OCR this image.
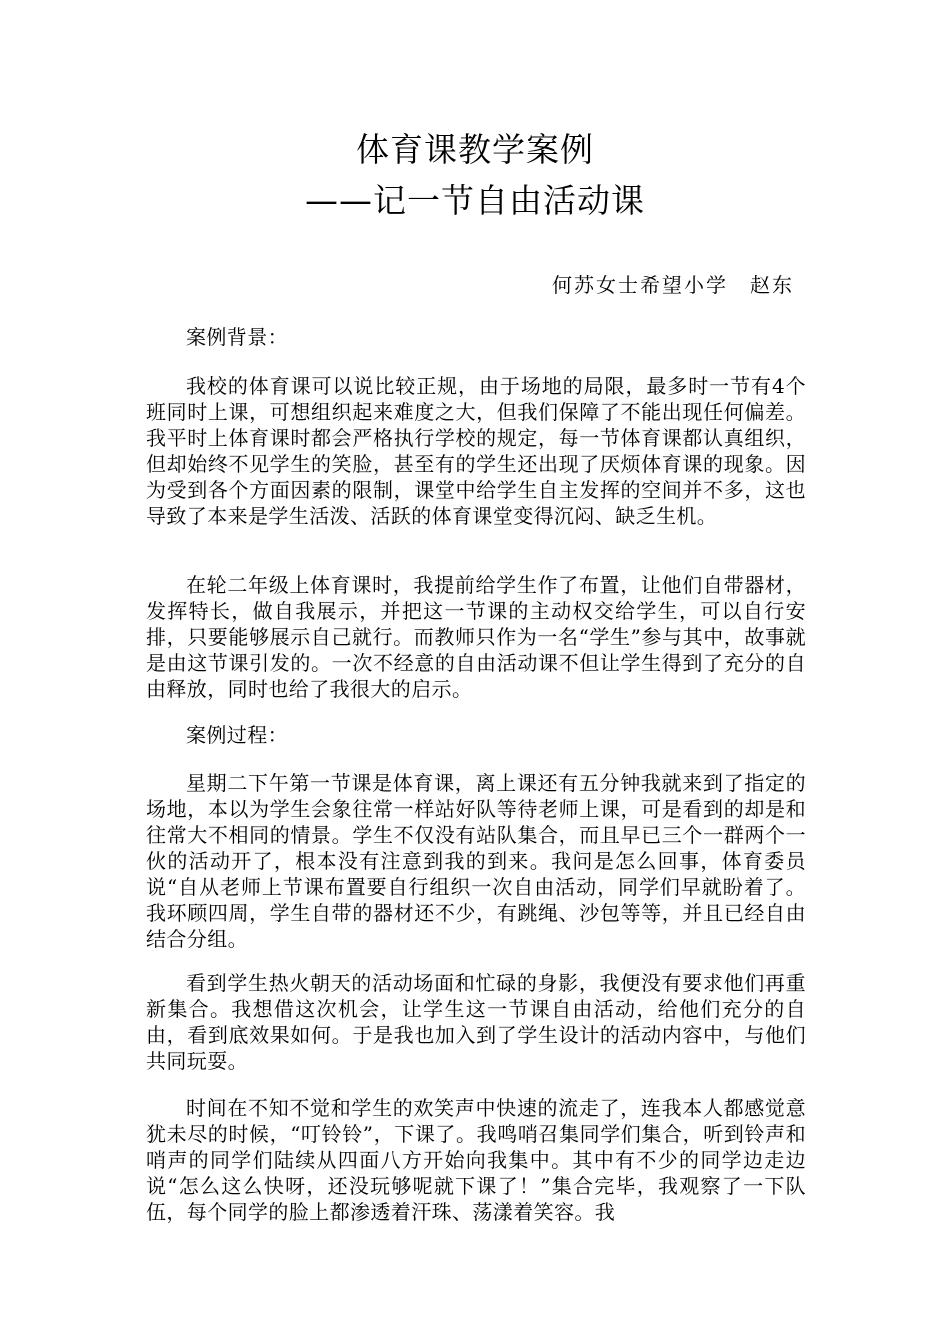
体育课教学案例
——记一节自由活动课
何苏女士希望小学　赵东

案例背景：

我校的体育课可以说比较正规，由于场地的局限，最多时一节有4个班同时上课，可想组织起来难度之大，但我们保障了不能出现任何偏差。我平时上体育课时都会严格执行学校的规定，每一节体育课都认真组织，但却始终不见学生的笑脸，甚至有的学生还出现了厌烦体育课的现象。因为受到各个方面因素的限制，课堂中给学生自主发挥的空间并不多，这也导致了本来是学生活泼、活跃的体育课堂变得沉闷、缺乏生机。

在轮二年级上体育课时，我提前给学生作了布置，让他们自带器材，发挥特长，做自我展示，并把这一节课的主动权交给学生，可以自行安排，只要能够展示自己就行。而教师只作为一名“学生”参与其中，故事就是由这节课引发的。一次不经意的自由活动课不但让学生得到了充分的自由释放，同时也给了我很大的启示。

案例过程：

星期二下午第一节课是体育课，离上课还有五分钟我就来到了指定的场地，本以为学生会象往常一样站好队等待老师上课，可是看到的却是和往常大不相同的情景。学生不仅没有站队集合，而且早已三个一群两个一伙的活动开了，根本没有注意到我的到来。我问是怎么回事，体育委员说“自从老师上节课布置要自行组织一次自由活动，同学们早就盼着了。我环顾四周，学生自带的器材还不少，有跳绳、沙包等等，并且已经自由结合分组。

看到学生热火朝天的活动场面和忙碌的身影，我便没有要求他们再重新集合。我想借这次机会，让学生这一节课自由活动，给他们充分的自由，看到底效果如何。于是我也加入到了学生设计的活动内容中，与他们共同玩耍。

时间在不知不觉和学生的欢笑声中快速的流走了，连我本人都感觉意犹未尽的时候，“叮铃铃”，下课了。我鸣哨召集同学们集合，听到铃声和哨声的同学们陆续从四面八方开始向我集中。其中有不少的同学边走边说“怎么这么快呀，还没玩够呢就下课了！”集合完毕，我观察了一下队伍，每个同学的脸上都渗透着汗珠、荡漾着笑容。我
